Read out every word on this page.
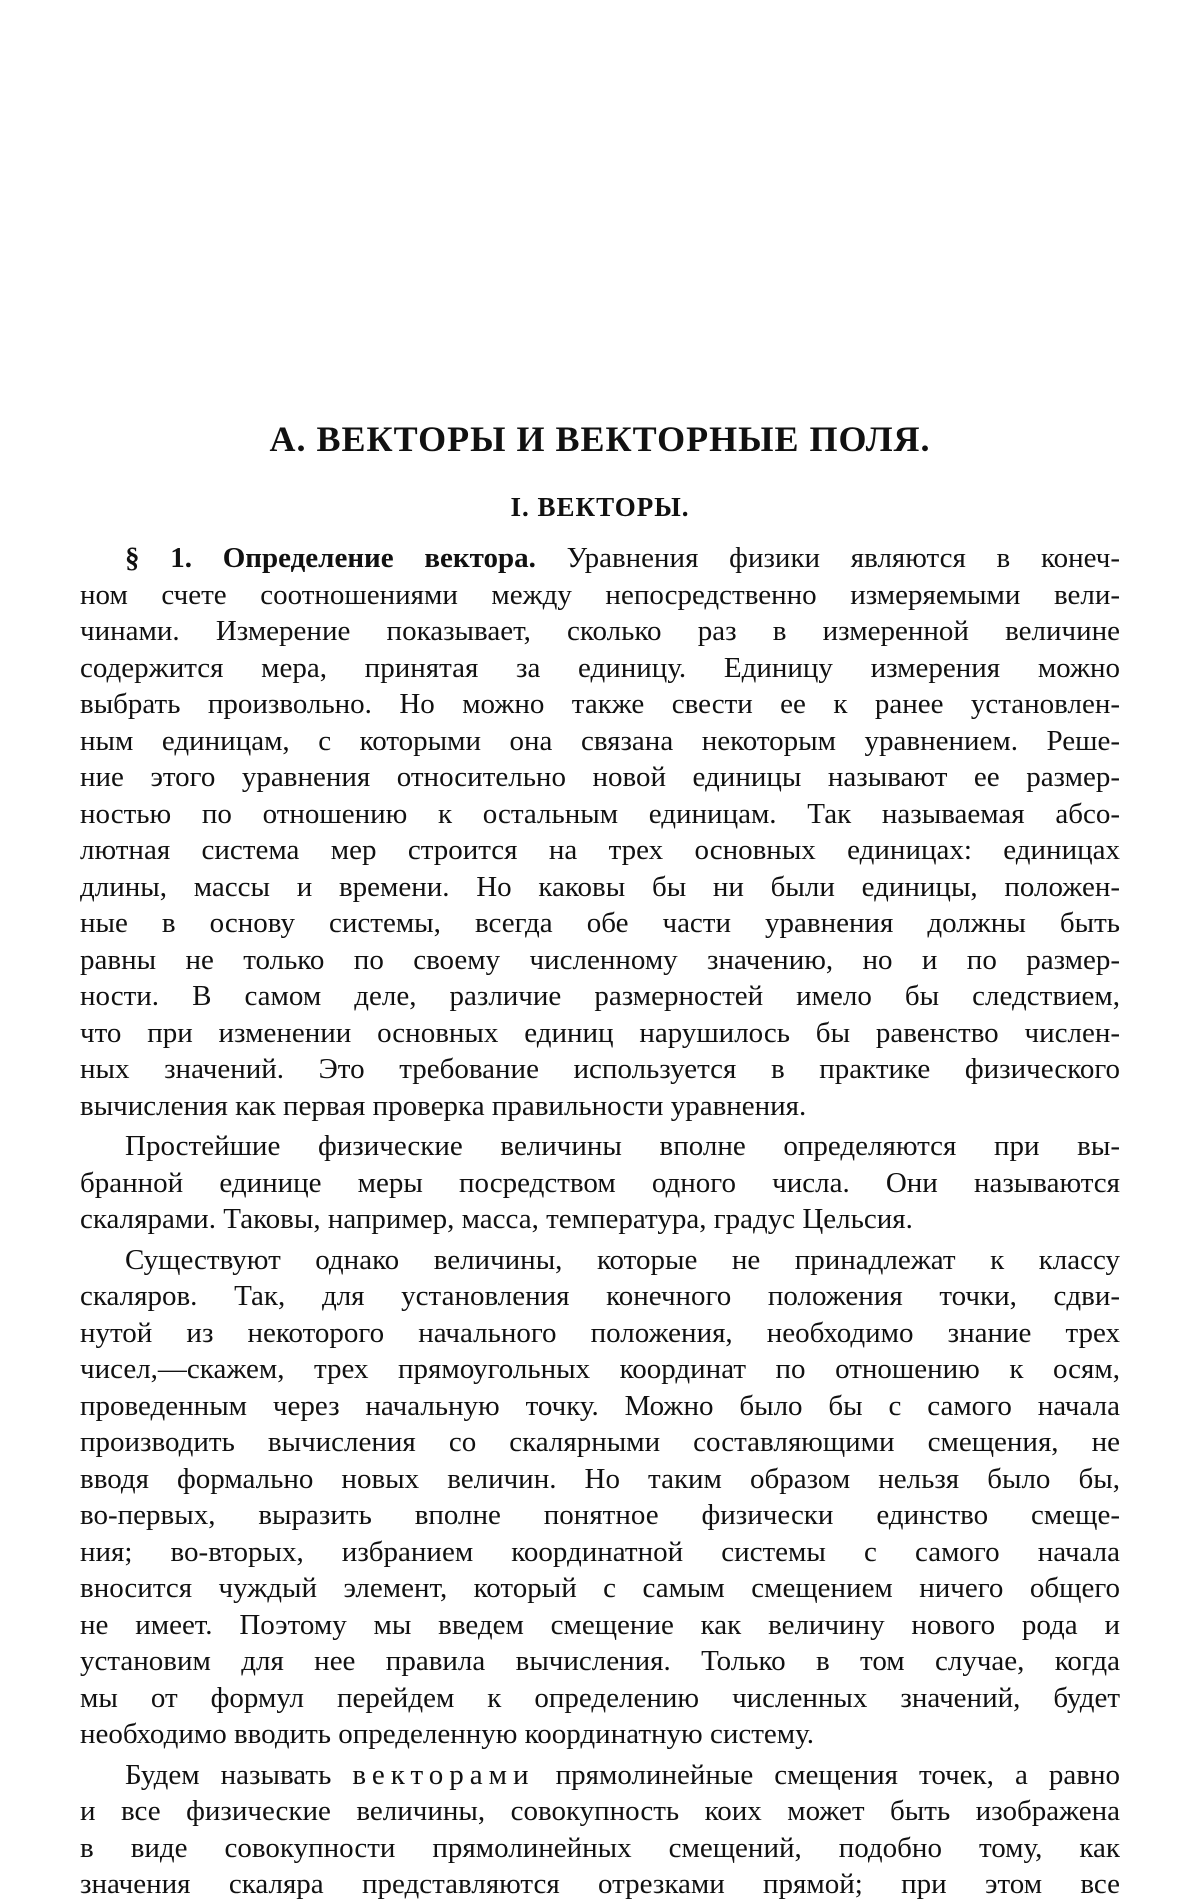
А. ВЕКТОРЫ И ВЕКТОРНЫЕ ПОЛЯ.
I. ВЕКТОРЫ.
§ 1. Определение вектора. Уравнения физики являются в конеч-
ном счете соотношениями между непосредственно измеряемыми вели-
чинами. Измерение показывает, сколько раз в измеренной величине
содержится мера, принятая за единицу. Единицу измерения можно
выбрать произвольно. Но можно также свести ее к ранее установлен-
ным единицам, с которыми она связана некоторым уравнением. Реше-
ние этого уравнения относительно новой единицы называют ее размер-
ностью по отношению к остальным единицам. Так называемая абсо-
лютная система мер строится на трех основных единицах: единицах
длины, массы и времени. Но каковы бы ни были единицы, положен-
ные в основу системы, всегда обе части уравнения должны быть
равны не только по своему численному значению, но и по размер-
ности. В самом деле, различие размерностей имело бы следствием,
что при изменении основных единиц нарушилось бы равенство числен-
ных значений. Это требование используется в практике физического
вычисления как первая проверка правильности уравнения.
Простейшие физические величины вполне определяются при вы-
бранной единице меры посредством одного числа. Они называются
скалярами. Таковы, например, масса, температура, градус Цельсия.
Существуют однако величины, которые не принадлежат к классу
скаляров. Так, для установления конечного положения точки, сдви-
нутой из некоторого начального положения, необходимо знание трех
чисел,—скажем, трех прямоугольных координат по отношению к осям,
проведенным через начальную точку. Можно было бы с самого начала
производить вычисления со скалярными составляющими смещения, не
вводя формально новых величин. Но таким образом нельзя было бы,
во-первых, выразить вполне понятное физически единство смеще-
ния; во-вторых, избранием координатной системы с самого начала
вносится чуждый элемент, который с самым смещением ничего общего
не имеет. Поэтому мы введем смещение как величину нового рода и
установим для нее правила вычисления. Только в том случае, когда
мы от формул перейдем к определению численных значений, будет
необходимо вводить определенную координатную систему.
Будем называть векторами прямолинейные смещения точек, а равно
и все физические величины, совокупность коих может быть изображена
в виде совокупности прямолинейных смещений, подобно тому, как
значения скаляра представляются отрезками прямой; при этом все
